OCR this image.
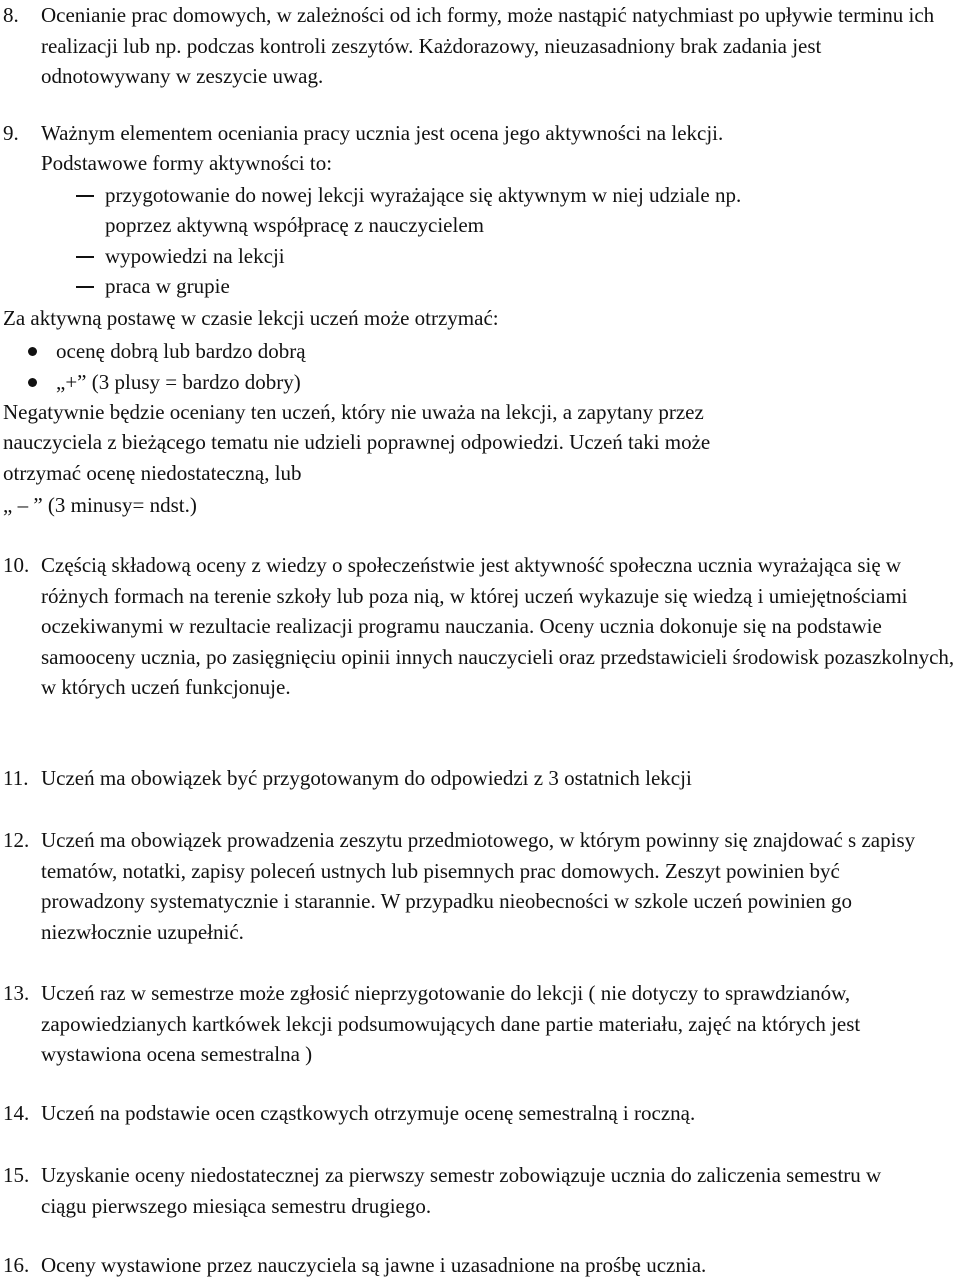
8.	Ocenianie prac domowych, w zależności od ich formy, może nastąpić natychmiast po upływie terminu ich realizacji lub np. podczas kontroli zeszytów. Każdorazowy, nieuzasadniony brak zadania jest odnotowywany w zeszycie uwag.
9.	Ważnym elementem oceniania pracy ucznia jest ocena jego aktywności na lekcji.
Podstawowe formy aktywności to:
przygotowanie do nowej lekcji wyrażające się aktywnym w niej udziale np.
poprzez aktywną współpracę z nauczycielem
wypowiedzi na lekcji
praca w grupie
Za aktywną postawę w czasie lekcji uczeń może otrzymać:
ocenę dobrą lub bardzo dobrą
„+” (3 plusy = bardzo dobry)
Negatywnie będzie oceniany ten uczeń, który nie uważa na lekcji, a zapytany przez
nauczyciela z bieżącego tematu nie udzieli poprawnej odpowiedzi. Uczeń taki może
otrzymać ocenę niedostateczną, lub
„ – ” (3 minusy= ndst.)
10. Częścią składową oceny z wiedzy o społeczeństwie jest aktywność społeczna ucznia wyrażająca się w różnych formach na terenie szkoły lub poza nią, w której uczeń wykazuje się wiedzą i umiejętnościami oczekiwanymi w rezultacie realizacji programu nauczania. Oceny ucznia dokonuje się na podstawie samooceny ucznia, po zasięgnięciu opinii innych nauczycieli oraz przedstawicieli środowisk pozaszkolnych, w których uczeń funkcjonuje.
11. Uczeń ma obowiązek być przygotowanym do odpowiedzi z 3 ostatnich lekcji
12. Uczeń ma obowiązek prowadzenia zeszytu przedmiotowego, w którym powinny się znajdować s zapisy tematów, notatki, zapisy poleceń ustnych lub pisemnych prac domowych. Zeszyt powinien być prowadzony systematycznie i starannie. W przypadku nieobecności w szkole uczeń powinien go niezwłocznie uzupełnić.
13. Uczeń raz w semestrze może zgłosić nieprzygotowanie do lekcji ( nie dotyczy to sprawdzianów, zapowiedzianych kartkówek lekcji podsumowujących dane partie materiału, zajęć na których jest wystawiona ocena semestralna )
14. Uczeń na podstawie ocen cząstkowych otrzymuje ocenę semestralną i roczną.
15. Uzyskanie oceny niedostatecznej za pierwszy semestr zobowiązuje ucznia do zaliczenia semestru w ciągu pierwszego miesiąca semestru drugiego.
16. Oceny wystawione przez nauczyciela są jawne i uzasadnione na prośbę ucznia.
